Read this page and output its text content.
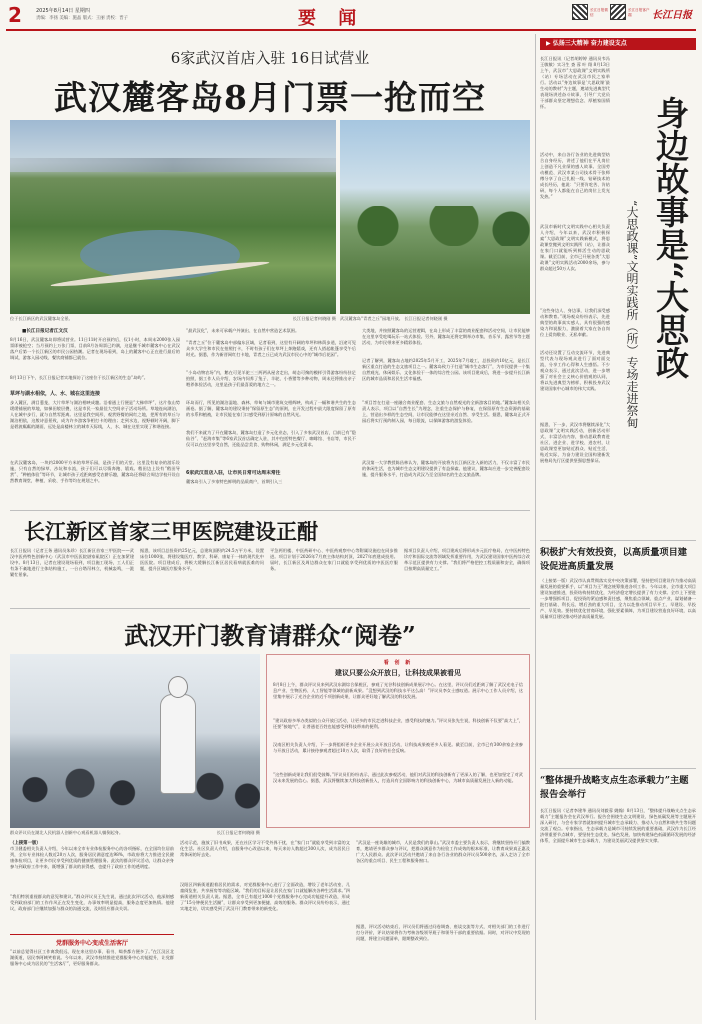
2	2025年8月14日 星期四
责编：李扬 美编：施晶 版式：王丽 责校：晋子	要 闻	长江日报微信
长江日报客户端	长江日报
6家武汉首店入驻 16日试营业
武汉麓客岛8月门票一抢而空
位于长江新区的武汉麓客岛全景。	长江日报记者何晓刚 摄 武汉麓客岛“青者之丘”园地开放。 长江日报记者何晓刚 摄
■长江日报记者江文汉
8月16日，武汉麓客岛即将试营业。11日11时开启预约后，仅1小时，本周末2000张入园票即被抢空；当月预约上万张门票，目前8月各周票已约满，这是继千城市麓客中心在武汉落户后第一个长江新区的市民公园热潮。记者在现场看到，岛上的麓客中心正在进行最后的调试，游客入园动线、餐饮商铺都已就位。
8月13日下午，长江日报记者实地探访了这座位于长江新区的生态“岛屿”。
草坪与湖水相依，人、水、城在这里连接
步入麓区，满目葱茏，大片草坪与湖泊相映成趣。沿着通上行便是“大梯草坪”，这片依山势缓缓铺展的草地，如梯田般层叠，这是市民一家最佳大空间亲子活动场所。草地连向湖泊，人在城中步行，就与自然零距离。这里是我空间形，观赏野餐的网红之地，把所有的草丘与湖泊相依，这般诗意景致，成为许多游客争相打卡的理由；走到水边，视野顿时开阔，脚下是碧波粼粼的湖面，远处是高楼林立的城市天际线，人、水、城在这里实现了和谐连接。
在武汉麓客岛，一块约2000平方米的草坪乐园，是孩子们的天堂。这里没有复杂的游乐设施，只有自然的绿草、沙坑和水流，孩子们可以尽情奔跑、嬉戏。稻田边上设有“稻田导赏”、“种植体验”等环节，让城市孩子近距离感受农耕乐趣，麓客岛还将联合周边学校开设自然教育课堂，种植、采收、手作等均在规划之中。
“最武汉化”，未来可承载户外演出、在自然中营造艺术氛围。
“青者之丘”位于麓客岛中部偏东区域，记者看到，这里有开阔的草坪和林荫步道，沿途可见众多大学生和市民在拍照打卡，不时有孩子们在草坪上奔跑嬉戏，还有人搭起帐篷享受午后时光。据悉，作为新晋网红打卡地，青者之丘已成为武汉市民心中的“城市后花园”。
“小岛动物农场”内，鹅在可见羊驼三三两两从屋舍走出，萌态可掬的模样引得游客纷纷驻足拍照，据工作人员介绍，农场内饲养了兔子、羊驼、小香猪等多种动物，周末还将推出亲子喂养体验活动，这里是孩子们最喜爱的地方之一。
环岛而行，所见的湖泊湿地、森林、草甸与城市建筑交相辉映，构成了一幅和谐共生的生态画卷。据了解，麓客岛的建设秉持“保留原生态”的原则，在开发过程中最大限度保留了原有的水系和植被，让市民能在家门口感受到原汁原味的自然风光。
我们不来就为了开在麓客岛，麓客岛打造了多元化业态，引入了多家武汉首店，目前已有“隐仙谷”、“赶海市集”等6家武汉首店确定入驻，其中包括特色餐厅、咖啡馆、书店等，市民不仅可以在这里享受自然，还能品尝美食、购物休闲，满足多元化需求。
6家武汉首店入驻，让市民日常可达周末常往
麓客岛引入了多家特色鲜明的品质商户，首期引入三
大类地，并按照麓客岛的运营逻辑，在岛上形成了丰富的商业配套和活动空间，让市民能够在这里享受吃喝玩乐一站式体验。另外，麓客岛还将定期举办市集、音乐节、露营节等主题活动，为市民带来更多精彩体验。
记者了解到，麓客岛占地约2025年5月开工，2025年7月竣工，总投资约10亿元，是长江新区重点打造的生态文旅项目之一。麓客岛致力于打造“城市生态客厅”，为市民提供一个集自然观光、休闲娱乐、文化体验于一体的综合性公园。该项目建成后，将进一步提升长江新区的城市品质和居民生活幸福感。
“项目旨在打造一座融合商业配套、生态文旅与自然观光的全新游客目的地。”麓客岛相关负责人表示，项目以“自然生长”为理念，注重生态保护与修复，在保留原有生态资源的基础上，营造出多样的生态空间，让市民能够在这里亲近自然、享受生活。据悉，麓客岛正式开园后将实行预约制入园，每日限流，以保障游客的游览体验。
武汉第一大学教授陈昌林认为，麓客岛的开放将为长江新区注入新的活力，不仅丰富了市民的休闲生活，也为城市生态文明建设提供了有益探索。他建议，麓客岛应进一步完善配套设施，提升服务水平，打造成为武汉乃至全国知名的生态文旅品牌。
长江新区首家三甲医院建设正酣
长江日报讯（记者王务 通讯员朱珍）长江新区首家三甲医院——武汉中医药特色创新中心（武汉市中医医院谌家矶院区）正在加紧建设中。8月13日，记者在建设现场看到，项目施工现场，工人们正有条不紊地进行主体结构施工，一台台塔吊林立，机械轰鸣，一派繁忙景象。
据悉，该项目总投资约25亿元，总建筑面积约24.5万平方米，设置床位1000张，将建设集医疗、教学、科研、康复于一体的现代化中医医院。项目建成后，将极大缓解长江新区居民看病就医难的问题，提升区域医疗服务水平。
平急两用楼、中医药研中心、中医药观察中心等附属设施也在同步推进。项目计划于2026年7月底主体结构封顶，2027年底建成投用。届时，长江新区及周边群众在家门口就能享受到优质的中医医疗服务。
据项目负责人介绍，项目建成后将形成多元医疗格局，在中医药特色诊疗和国际交流等领域发挥重要作用，为武汉建设国家中医药综合改革示范区提供有力支撑。“我们将严格把控工程质量和安全，确保项目按期高质量完工。”
武汉开门教育请群众“阅卷”
群众评议员在湖北人民机器人创新中心观看机器人躺倒起身。	长江日报记者何晓刚 摄
看 创 新
建议只要公众开放日，让科技成果被看见
8月8日上午，群众评议员来到武汉东湖综合保税区，参观了光谷科技创新成果展示中心。在这里，评议员们近距离了解了武汉光电子信息产业、生物医药、人工智能等领域的最新成果。“没想到武汉的科技水平这么高！”评议员李女士感叹道。展示中心工作人员介绍，这里集中展示了光谷企业的近千项创新成果，让群众更好地了解武汉的科技发展。
“建议政府多举办类似的公众开放日活动，让更多的市民走进科技企业，感受科技的魅力。”评议员张先生说，科技创新不仅要“高大上”，还要“接地气”，让普通老百姓也能感受到科技带来的便利。
汉南区相关负责人介绍，下一步将组织更多企业开展公众开放日活动，让科技成果被更多人看见。截至目前，全市已有300余家企业参与开放日活动，累计接待参观者超过10万人次，取得了良好的社会反响。
“这些创新成果让我们很受鼓舞。”评议员们纷纷表示，通过此次参观活动，他们对武汉的科技创新有了更深入的了解，也更加坚定了对武汉未来发展的信心。据悉，武汉将继续加大科技创新投入，打造具有全国影响力的科技创新中心，为城市高质量发展注入新的动能。
（上接第一版）
市卫健委相关负责人介绍，今年以来全市专业体检服务中心的各项指标，在全国均位居前列，全年专业体检人数近20万人次，服务居民满意度达98%，市政府将大力推进全民健康体检项目，让更多市民享受到优质的健康管理服务。此次的群众评议活动，让群众亲身参与到政府工作中来，既增强了群众的获得感，也提升了政府工作的透明度。
“我们特别重视群众的意见和建议。”群众评议员王先生说，通过此次评议活动，他深刻感受到政府部门的工作作风正在发生变化，办事效率明显提高，服务态度更加热情。他建议，政府部门应继续加强与群众的沟通交流，及时回应群众关切。
党群服务中心变成生活客厅
“以前总觉得社区工作离我很远，现在来这里办事、看书、喝茶都方便多了。”在江汉区北湖街道，居民李阿姨笑着说。今年以来，武汉市持续推进党群服务中心功能提升，让党群服务中心成为居民的“生活客厅”，更好服务群众。
活动示范，施放了旧书成果，还在社区学习不受外界干扰，在“家门口”就能享受到丰富的文化生活。社区负责人介绍，自服务中心改造以来，每天来访人数超过300人次，成为居民日常休闲的好去处。
汉阳区四新街道跟着居民的需求，对党群服务中心进行了全面改造，增设了老年活动室、儿童阅览室、共享厨房等功能区域。“我们的目标是让居民在家门口就能解决各种生活需求。”四新街道相关负责人说。据悉，全市已有超过1000个党群服务中心完成功能提升改造，形成了“15分钟便民生活圈”，让群众享受到更加便捷、高效的服务。群众评议员纷纷表示，通过实地走访，切实感受到了武汉开门教育带来的新变化。
“武汉是一座英雄的城市，人民是我们的靠山。”武汉市委主要负责人表示，将继续坚持开门搞教育，邀请更多群众参与评议，把群众满意作为检验工作成效的根本标准，让教育成果真正惠及广大人民群众。此次评议活动共邀请了来自各行各业的群众评议员500余名，深入走访了全市各区的重点项目、民生工程和服务窗口。
据悉，评议活动结束后，评议员们将通过问卷调查、座谈交流等方式，对相关部门的工作进行打分评价，评议结果将作为考核各级领导班子和领导干部的重要依据。同时，对评议中发现的问题，将建立问题清单，限期整改到位。
▶ 弘扬三大精神 奋力建设支点
长江日报讯（记者胡婷婷 通讯员韦冯 王敏敏）实习生 查 蓉 叶 翔 8月13日上午，武汉市“大思政课”文明实践所（站）专场活动在武汉市民之家举行。活动以“身边故事是‘大思政课’最生动的教材”为主题，邀请先进典型代表现场讲述奋斗故事，引导广大党员干部群众坚定理想信念、厚植家国情怀。
活动中，来自各行各业的先进典型结合自身经历，讲述了他们在平凡岗位上创造不凡业绩的感人故事。全国劳动模范、武汉市某公司技术骨干张师傅分享了自己扎根一线、钻研技术的成长经历，他说：“只要肯吃苦、肯钻研，每个人都能在自己的岗位上发光发热。”
武汉市新时代文明实践中心相关负责人介绍，今年以来，武汉市积极探索“大思政课”文明实践新模式，将思政课堂搬到文明实践所（站），让群众在家门口就能听到鲜活生动的思政课。截至目前，全市已开展各类“大思政课”文明实践活动2000余场，参与群众超过50万人次。
“这些身边人、身边事，让我们深受感动和教育。”现场观众纷纷表示，先进典型的故事真实感人，具有很强的感染力和说服力，激励着大家在各自岗位上爱岗敬业、无私奉献。
活动还设置了互动交流环节，先进典型代表与现场观众进行了面对面交流，分享工作心得和人生感悟。不少观众表示，通过此次活动，进一步增强了对社会主义核心价值观的认同，将以先进典型为榜样，积极投身武汉建设国家中心城市的伟大实践。
据悉，下一步，武汉市将继续深化“大思政课”文明实践活动，创新活动形式，丰富活动内容，推动思政教育进社区、进企业、进学校、进农村，让思政课堂更加贴近群众、贴近生活、贴近实际，为奋力建设全国构建新发展格局先行区提供坚强思想保证。
身边故事是“大思政
“大思政课”文明实践所（所）专场走进祭甸
积极扩大有效投资，以高质量项目建设促进高质量发展
（上接第一版）武汉市认真贯彻落实党中央决策部署，坚持把项目建设作为推动高质量发展的重要抓手，以“项目为王”理念统筹推进各项工作。今年以来，全市重大项目建设加速推进，投资结构持续优化，为经济稳定增长提供了有力支撑。全市上下要进一步增强抓项目、促投资的紧迫感和责任感，聚焦重点领域、重点产业，谋划储备一批打基础、利长远、增后劲的重大项目，全力以赴推动项目早开工、早建设、早投产、早见效。要持续优化营商环境，强化要素保障，为项目建设营造良好环境，以高质量项目建设推动经济高质量发展。
“整体提升战略支点生态承载力”主题报告会举行
长江日报讯（记者李建华 通讯员刘毅蓉 姚翰）8月13日，“整体提升战略支点生态承载力”主题报告会在武汉举行。报告会围绕生态文明建设、绿色低碳发展等主题展开深入研讨，与会专家学者就如何提升城市生态承载力、推动人与自然和谐共生等问题交流了观点。专家指出，生态承载力是城市可持续发展的重要基础，武汉作为长江经济带重要节点城市，要坚持生态优先、绿色发展，加快构建绿色低碳循环发展的经济体系，全面提升城市生态承载力，为建设美丽武汉提供坚实支撑。
